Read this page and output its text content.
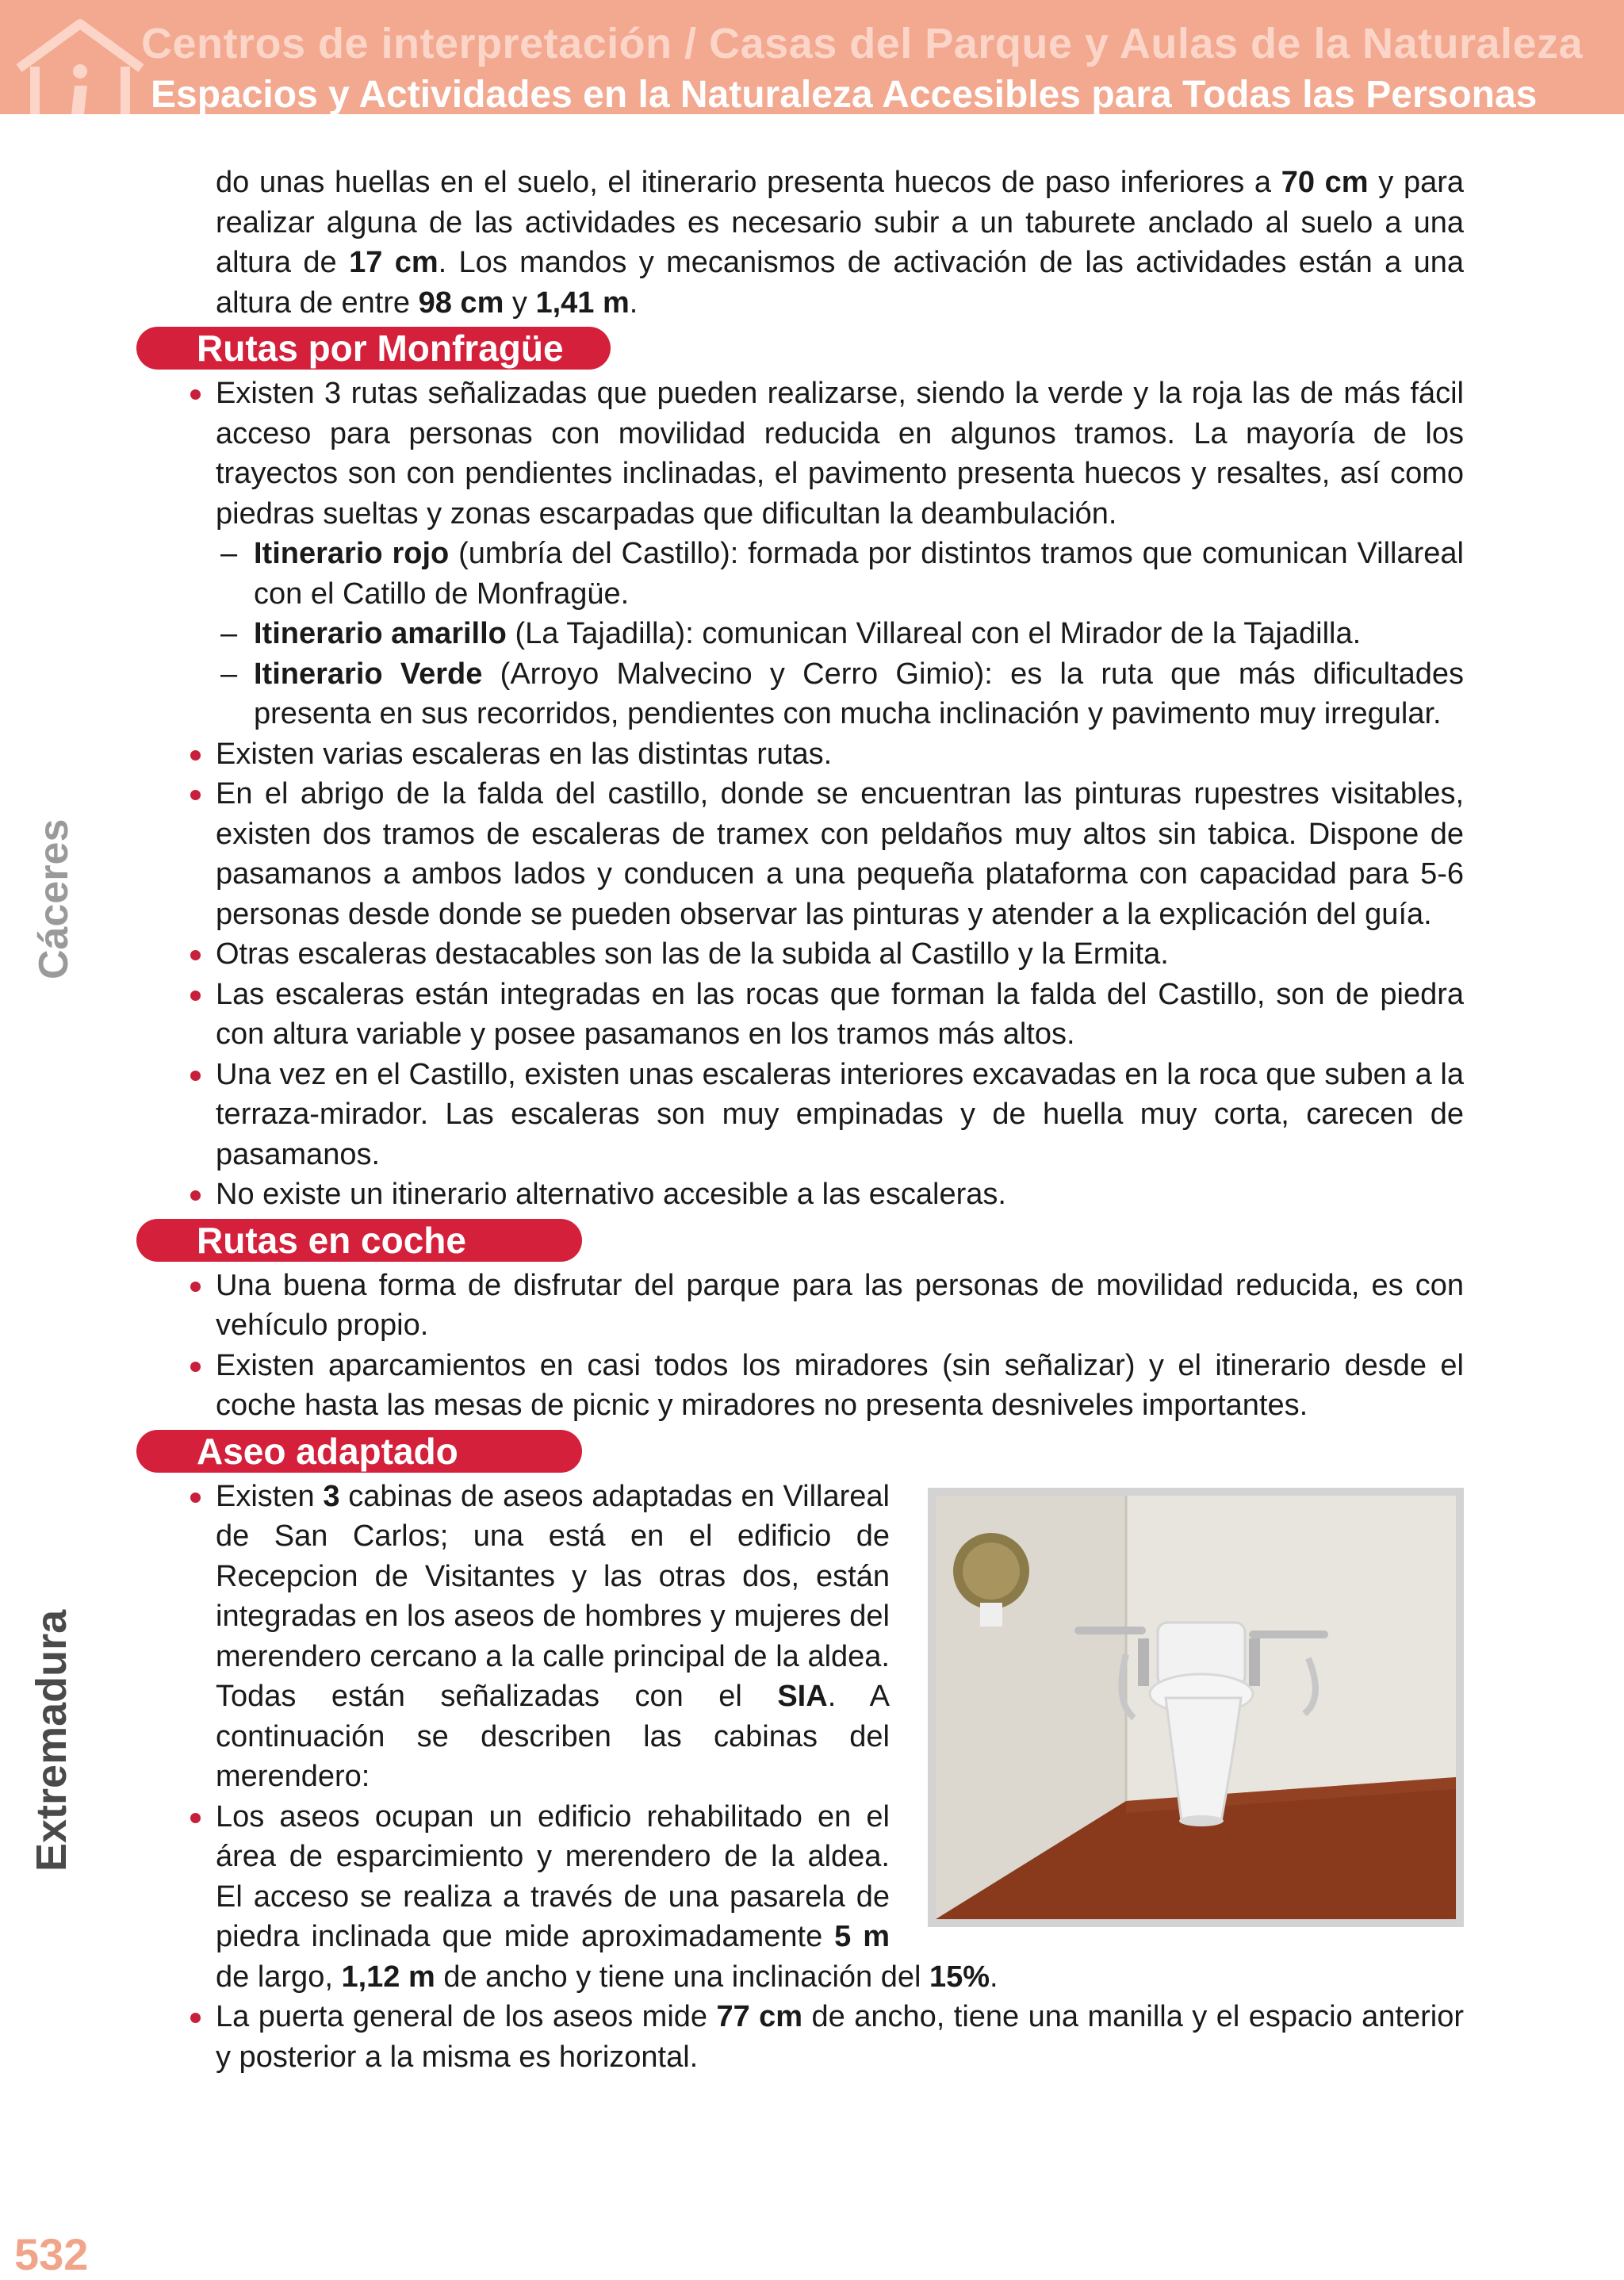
Centros de interpretación / Casas del Parque y Aulas de la Naturaleza
Espacios y Actividades en la Naturaleza Accesibles para Todas las Personas
Cáceres
Extremadura
532

do unas huellas en el suelo, el itinerario presenta huecos de paso inferiores a 70 cm y para realizar alguna de las actividades es necesario subir a un taburete anclado al suelo a una altura de 17 cm. Los mandos y mecanismos de activación de las actividades están a una altura de entre 98 cm y 1,41 m.

Rutas por Monfragüe

Existen 3 rutas señalizadas que pueden realizarse, siendo la verde y la roja las de más fácil acceso para personas con movilidad reducida en algunos tramos. La mayoría de los trayectos son con pendientes inclinadas, el pavimento presenta huecos y resaltes, así como piedras sueltas y zonas escarpadas que dificultan la deambulación.

– Itinerario rojo (umbría del Castillo): formada por distintos tramos que comunican Villareal con el Catillo de Monfragüe.

– Itinerario amarillo (La Tajadilla): comunican Villareal con el Mirador de la Tajadilla.

– Itinerario Verde (Arroyo Malvecino y Cerro Gimio): es la ruta que más dificultades presenta en sus recorridos, pendientes con mucha inclinación y pavimento muy irregular.

Existen varias escaleras en las distintas rutas.

En el abrigo de la falda del castillo, donde se encuentran las pinturas rupestres visitables, existen dos tramos de escaleras de tramex con peldaños muy altos sin tabica. Dispone de pasamanos a ambos lados y conducen a una pequeña plataforma con capacidad para 5-6 personas desde donde se pueden observar las pinturas y atender a la explicación del guía.

Otras escaleras destacables son las de la subida al Castillo y la Ermita.

Las escaleras están integradas en las rocas que forman la falda del Castillo, son de piedra con altura variable y posee pasamanos en los tramos más altos.

Una vez en el Castillo, existen unas escaleras interiores excavadas en la roca que suben a la terraza-mirador. Las escaleras son muy empinadas y de huella muy corta, carecen de pasamanos.

No existe un itinerario alternativo accesible a las escaleras.

Rutas en coche

Una buena forma de disfrutar del parque para las personas de movilidad reducida, es con vehículo propio.

Existen aparcamientos en casi todos los miradores (sin señalizar) y el itinerario desde el coche hasta las mesas de picnic y miradores no presenta desniveles importantes.

Aseo adaptado

Existen 3 cabinas de aseos adaptadas en Villareal de San Carlos; una está en el edificio de Recepcion de Visitantes y las otras dos, están integradas en los aseos de hombres y mujeres del merendero cercano a la calle principal de la aldea. Todas están señalizadas con el SIA. A continuación se describen las cabinas del merendero:

Los aseos ocupan un edificio rehabilitado en el área de esparcimiento y merendero de la aldea. El acceso se realiza a través de una pasarela de piedra inclinada que mide aproximadamente 5 m de largo, 1,12 m de ancho y tiene una inclinación del 15%.

La puerta general de los aseos mide 77 cm de ancho, tiene una manilla y el espacio anterior y posterior a la misma es horizontal.
